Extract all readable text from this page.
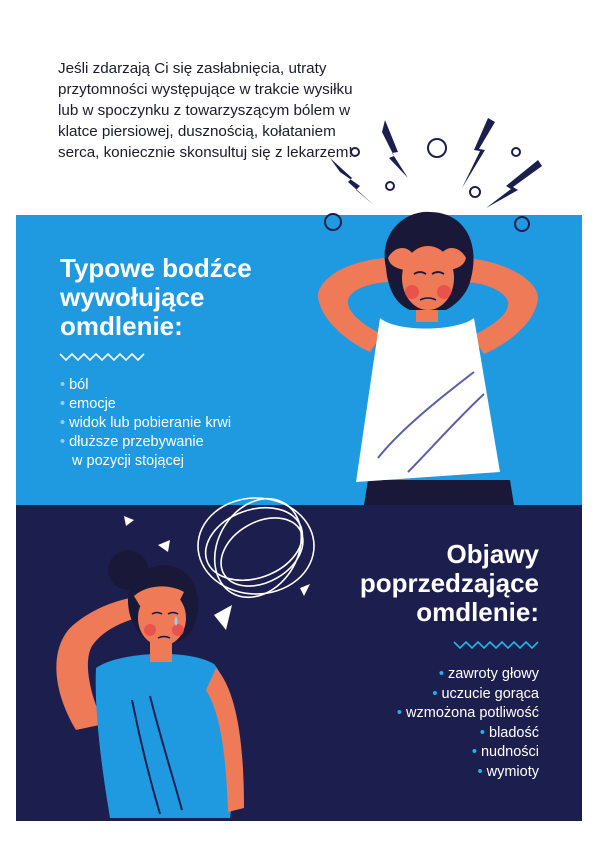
Jeśli zdarzają Ci się zasłabnięcia, utraty przytomności występujące w trakcie wysiłku lub w spoczynku z towarzyszącym bólem w klatce piersiowej, dusznością, kołataniem serca, koniecznie skonsultuj się z lekarzem!

Typowe bodźce
wywołujące
omdlenie:
• ból
• emocje
• widok lub pobieranie krwi
• dłuższe przebywanie
w pozycji stojącej
Objawy
poprzedzające
omdlenie:
• zawroty głowy
• uczucie gorąca
• wzmożona potliwość
• bladość
• nudności
• wymioty
